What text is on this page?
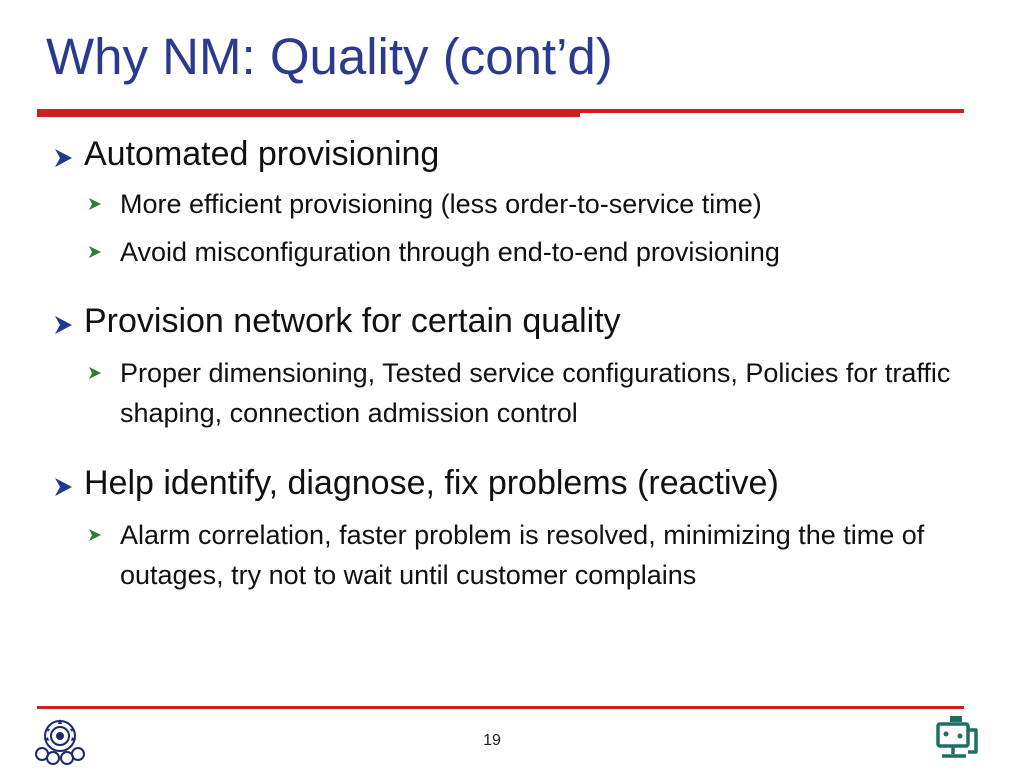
Why NM: Quality (cont’d)
Automated provisioning
More efficient provisioning (less order-to-service time)
Avoid misconfiguration through end-to-end provisioning
Provision network for certain quality
Proper dimensioning, Tested service configurations, Policies for traffic shaping, connection admission control
Help identify, diagnose, fix problems (reactive)
Alarm correlation, faster problem is resolved, minimizing the time of outages, try not to wait until customer complains
19
